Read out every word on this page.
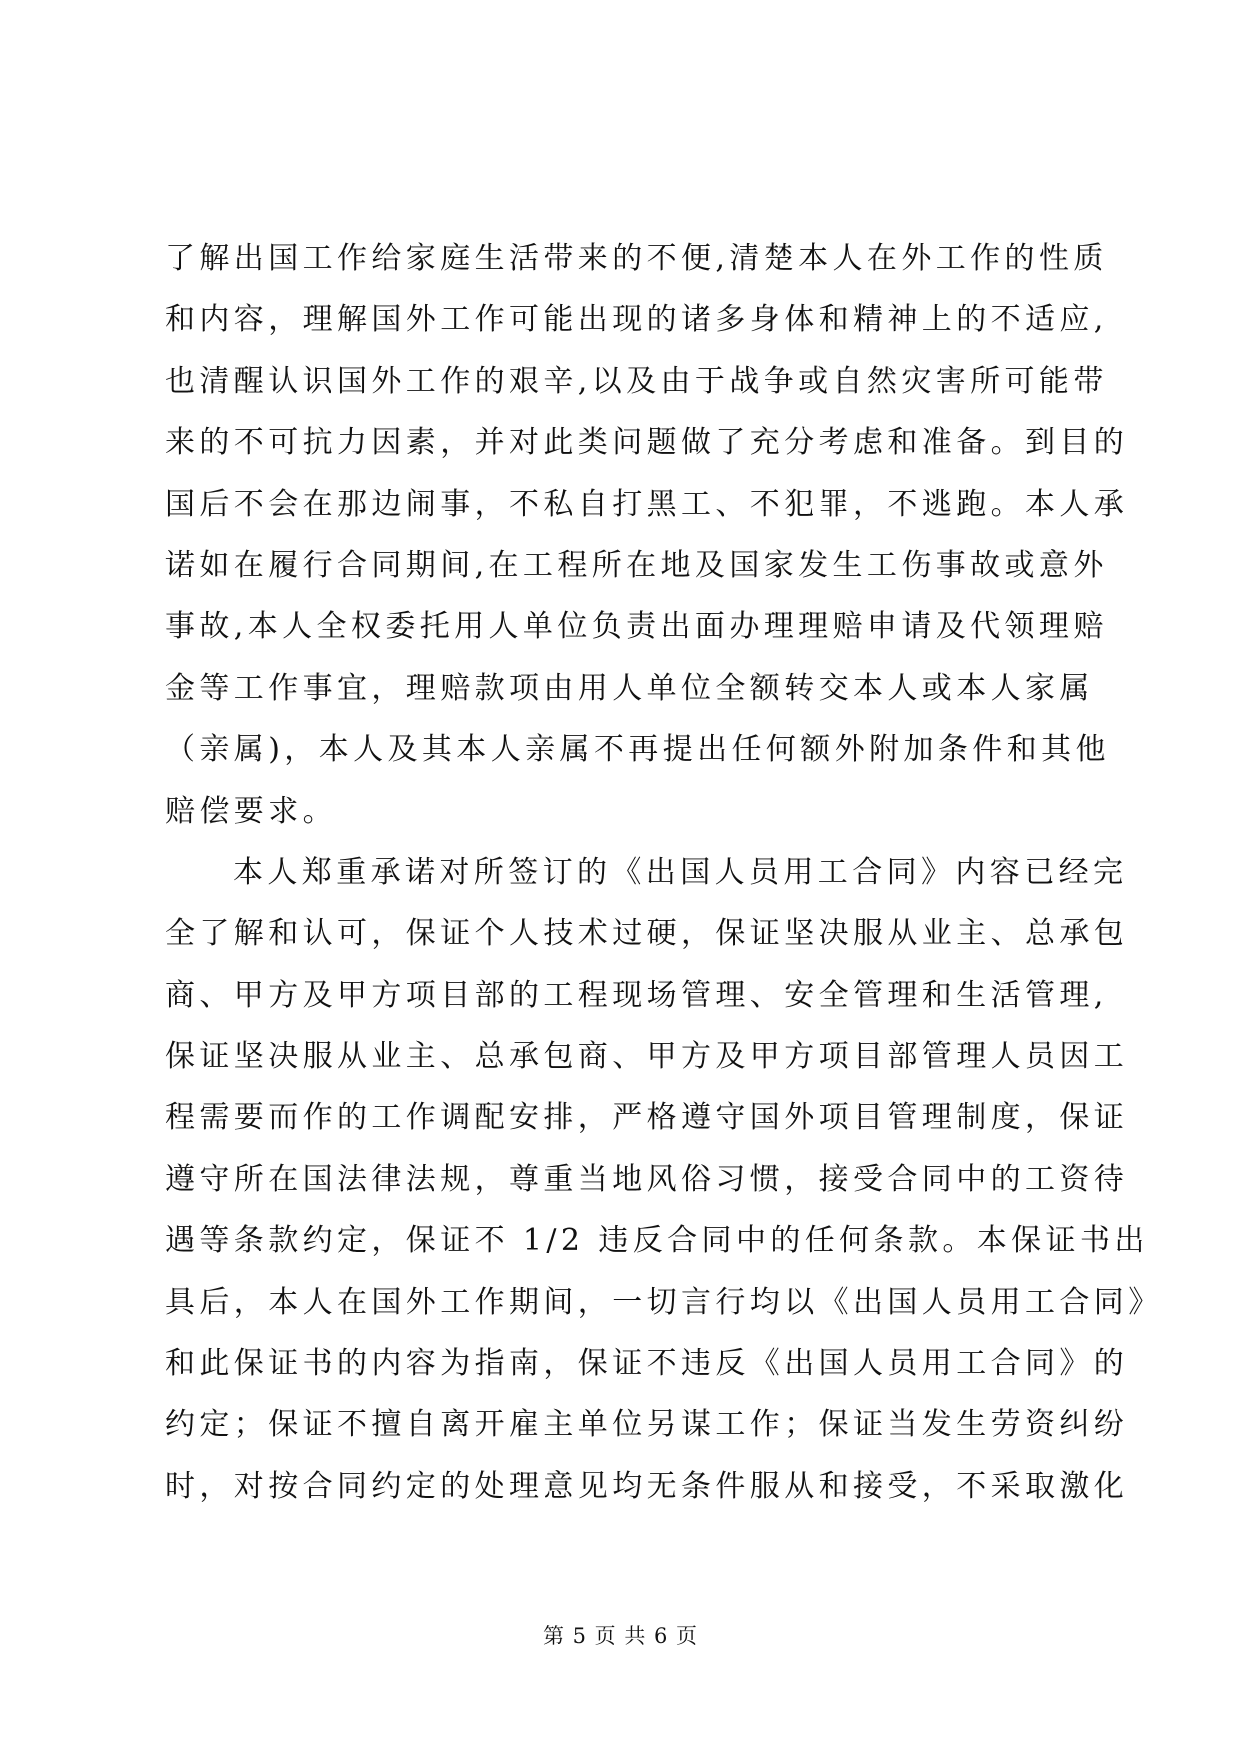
了解出国工作给家庭生活带来的不便,清楚本人在外工作的性质
和内容，理解国外工作可能出现的诸多身体和精神上的不适应,
也清醒认识国外工作的艰辛,以及由于战争或自然灾害所可能带
来的不可抗力因素，并对此类问题做了充分考虑和准备。到目的
国后不会在那边闹事，不私自打黑工、不犯罪，不逃跑。本人承
诺如在履行合同期间,在工程所在地及国家发生工伤事故或意外
事故,本人全权委托用人单位负责出面办理理赔申请及代领理赔
金等工作事宜，理赔款项由用人单位全额转交本人或本人家属
（亲属)，本人及其本人亲属不再提出任何额外附加条件和其他
赔偿要求。
本人郑重承诺对所签订的《出国人员用工合同》内容已经完
全了解和认可，保证个人技术过硬，保证坚决服从业主、总承包
商、甲方及甲方项目部的工程现场管理、安全管理和生活管理,
保证坚决服从业主、总承包商、甲方及甲方项目部管理人员因工
程需要而作的工作调配安排，严格遵守国外项目管理制度，保证
遵守所在国法律法规，尊重当地风俗习惯，接受合同中的工资待
遇等条款约定，保证不 1/2 违反合同中的任何条款。本保证书出
具后，本人在国外工作期间，一切言行均以《出国人员用工合同》
和此保证书的内容为指南，保证不违反《出国人员用工合同》的
约定；保证不擅自离开雇主单位另谋工作；保证当发生劳资纠纷
时，对按合同约定的处理意见均无条件服从和接受，不采取激化
第 5 页 共 6 页
